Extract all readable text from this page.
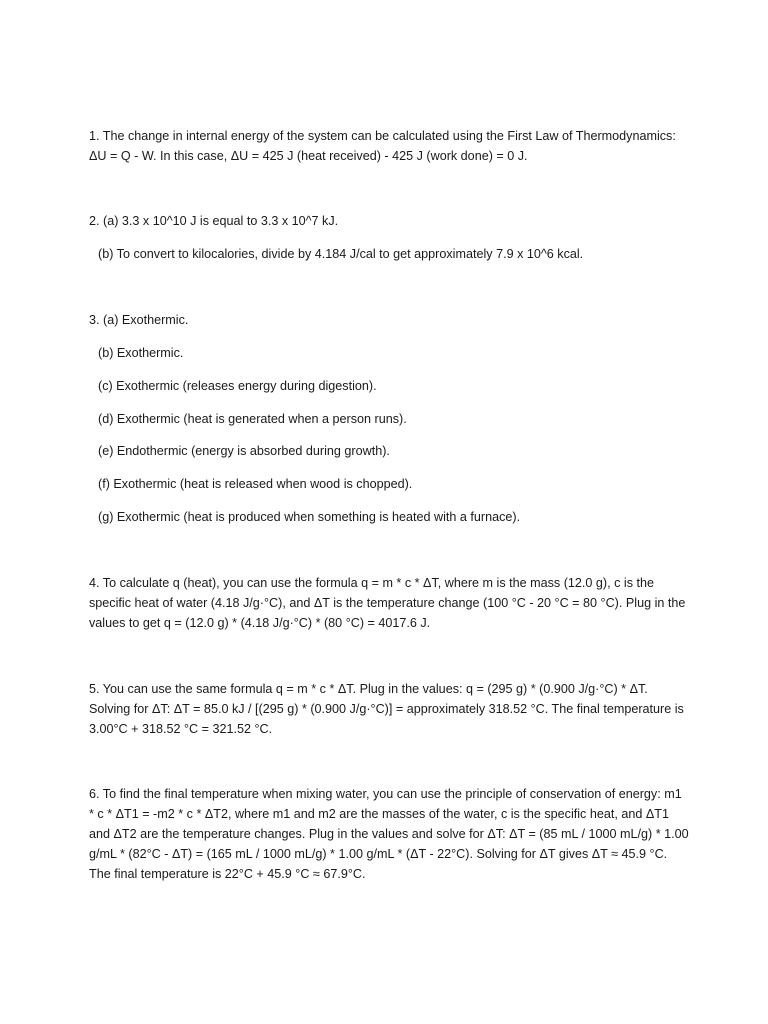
1. The change in internal energy of the system can be calculated using the First Law of Thermodynamics: ΔU = Q - W. In this case, ΔU = 425 J (heat received) - 425 J (work done) = 0 J.

2. (a) 3.3 x 10^10 J is equal to 3.3 x 10^7 kJ.

(b) To convert to kilocalories, divide by 4.184 J/cal to get approximately 7.9 x 10^6 kcal.

3. (a) Exothermic.

(b) Exothermic.

(c) Exothermic (releases energy during digestion).

(d) Exothermic (heat is generated when a person runs).

(e) Endothermic (energy is absorbed during growth).

(f) Exothermic (heat is released when wood is chopped).

(g) Exothermic (heat is produced when something is heated with a furnace).

4. To calculate q (heat), you can use the formula q = m * c * ΔT, where m is the mass (12.0 g), c is the specific heat of water (4.18 J/g·°C), and ΔT is the temperature change (100 °C - 20 °C = 80 °C). Plug in the values to get q = (12.0 g) * (4.18 J/g·°C) * (80 °C) = 4017.6 J.

5. You can use the same formula q = m * c * ΔT. Plug in the values: q = (295 g) * (0.900 J/g·°C) * ΔT. Solving for ΔT: ΔT = 85.0 kJ / [(295 g) * (0.900 J/g·°C)] = approximately 318.52 °C. The final temperature is 3.00°C + 318.52 °C = 321.52 °C.

6. To find the final temperature when mixing water, you can use the principle of conservation of energy: m1 * c * ΔT1 = -m2 * c * ΔT2, where m1 and m2 are the masses of the water, c is the specific heat, and ΔT1 and ΔT2 are the temperature changes. Plug in the values and solve for ΔT: ΔT = (85 mL / 1000 mL/g) * 1.00 g/mL * (82°C - ΔT) = (165 mL / 1000 mL/g) * 1.00 g/mL * (ΔT - 22°C). Solving for ΔT gives ΔT ≈ 45.9 °C. The final temperature is 22°C + 45.9 °C ≈ 67.9°C.
